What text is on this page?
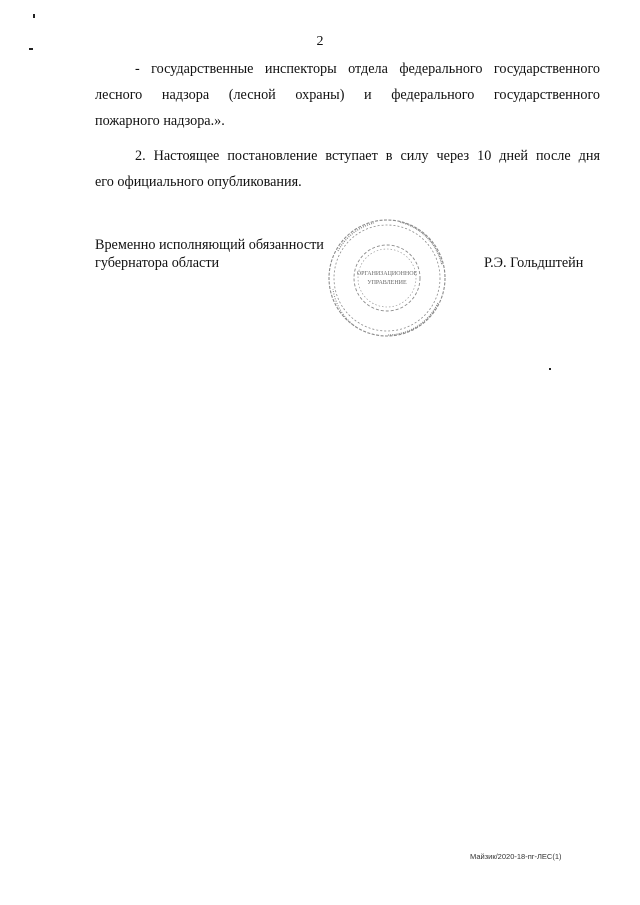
2

- государственные инспекторы отдела федерального государственного
лесного надзора (лесной охраны) и федерального государственного
пожарного надзора.».

2. Настоящее постановление вступает в силу через 10 дней после дня
его официального опубликования.

Временно исполняющий обязанности
губернатора области	Р.Э. Гольдштейн
ОРГАНИЗАЦИОННОЕ
УПРАВЛЕНИЕ
Майзик/2020-18-пг-ЛЕС(1)
